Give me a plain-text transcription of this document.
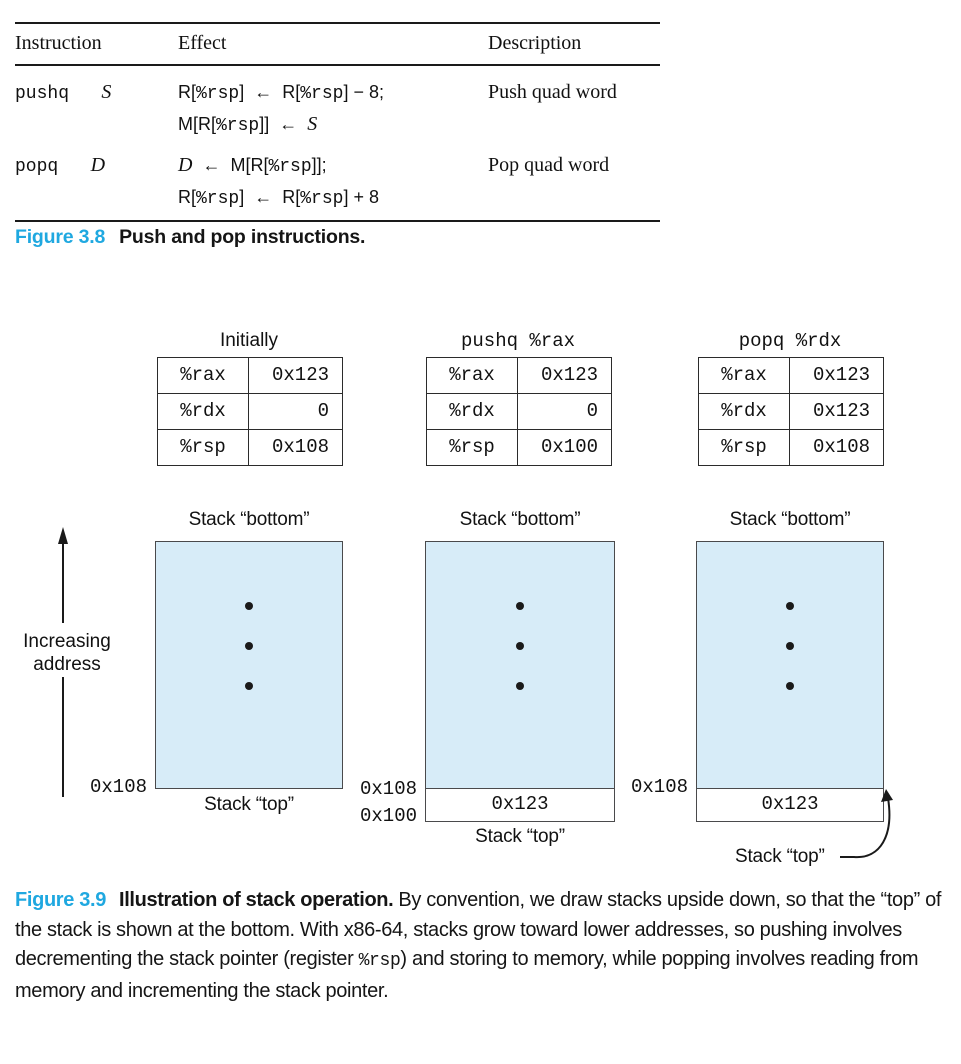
Instruction	Effect	Description
pushq S	R[%rsp]  ←  R[%rsp] − 8;
M[R[%rsp]]  ←  S
Push quad word
popq D	D  ←  M[R[%rsp]];
R[%rsp]  ←  R[%rsp] + 8
Pop quad word
Figure 3.8 Push and pop instructions.
Initially	pushq %rax	popq %rdx
%rax	0x123
%rdx	0
%rsp	0x108
%rax	0x123
%rdx	0
%rsp	0x100
%rax	0x123
%rdx	0x123
%rsp	0x108
Increasing
address
Stack “bottom”
0x108
Stack “top”
Stack “bottom”
0x123
0x108
0x100
Stack “top”
Stack “bottom”
0x123
0x108
Stack “top”

Figure 3.9 Illustration of stack operation. By convention, we draw stacks upside down, so that the “top” of the stack is shown at the bottom. With x86-64, stacks grow toward lower addresses, so pushing involves decrementing the stack pointer (register %rsp) and storing to memory, while popping involves reading from memory and incrementing the stack pointer.
